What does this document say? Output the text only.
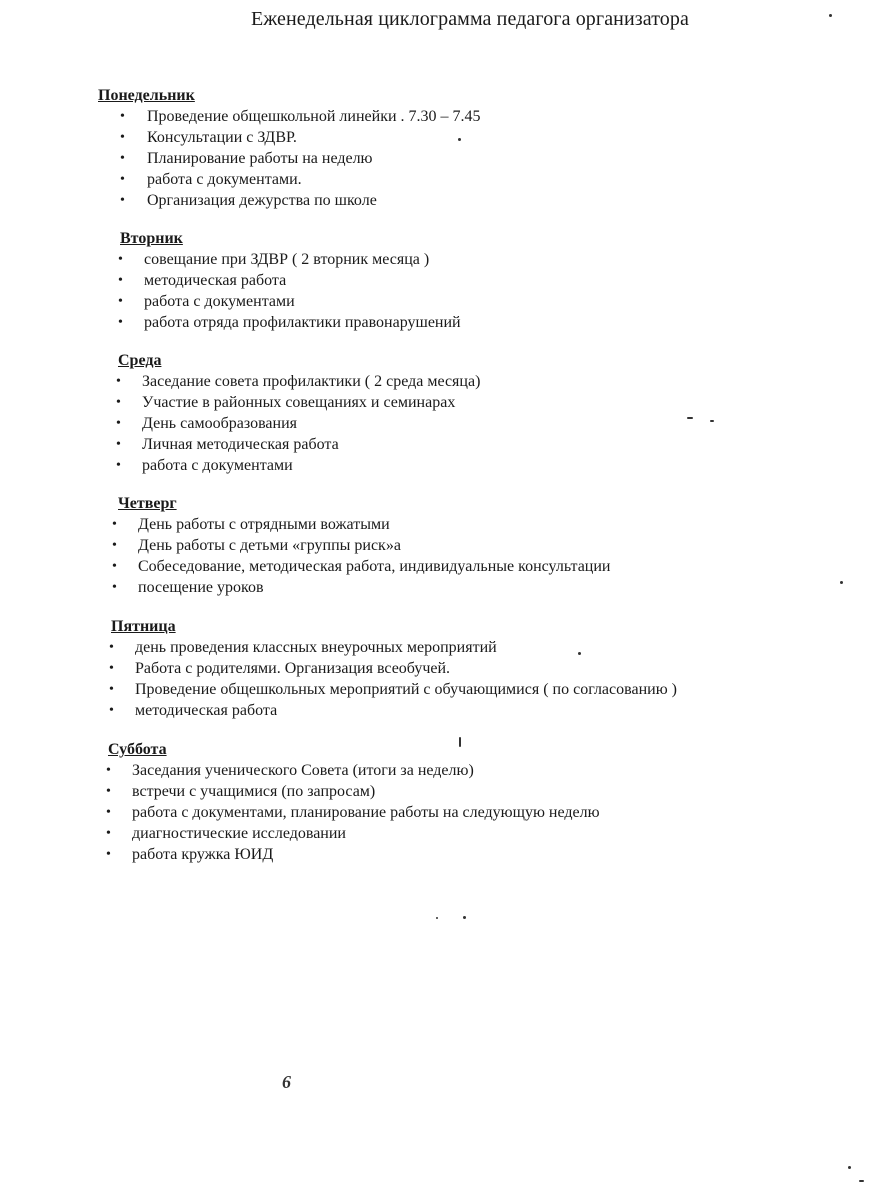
Еженедельная циклограмма педагога организатора
Понедельник
• Проведение общешкольной линейки . 7.30 – 7.45
• Консультации с ЗДВР.
• Планирование работы на неделю
• работа с документами.
• Организация дежурства по школе
Вторник
• совещание при ЗДВР ( 2 вторник месяца )
• методическая работа
• работа с документами
• работа отряда профилактики правонарушений
Среда
• Заседание совета профилактики ( 2 среда месяца)
• Участие в районных совещаниях и семинарах
• День самообразования
• Личная методическая работа
• работа с документами
Четверг
• День работы с отрядными вожатыми
• День работы с детьми «группы риск»а
• Собеседование, методическая работа, индивидуальные консультации
• посещение уроков
Пятница
• день проведения классных внеурочных мероприятий
• Работа с родителями. Организация всеобучей.
• Проведение общешкольных мероприятий с обучающимися ( по согласованию )
• методическая работа
Суббота
• Заседания ученического Совета (итоги за неделю)
• встречи с учащимися (по запросам)
• работа с документами, планирование работы на следующую неделю
• диагностические исследовании
• работа кружка ЮИД
6
